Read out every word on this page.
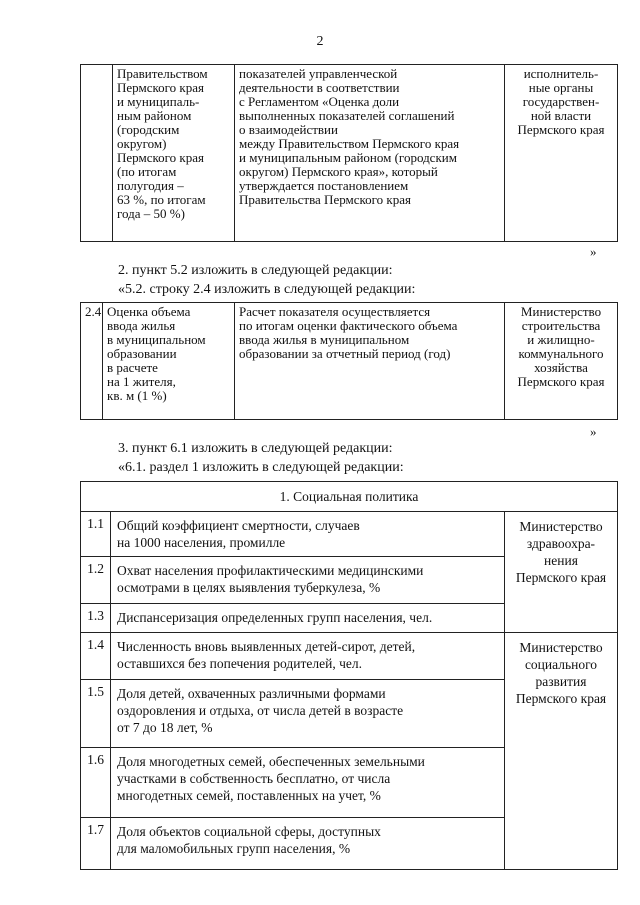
2
	Правительством
Пермского края
и муниципаль-
ным районом
(городским
округом)
Пермского края
(по итогам
полугодия –
63 %, по итогам
года – 50 %)	показателей управленческой
деятельности в соответствии
с Регламентом «Оценка доли
выполненных показателей соглашений
о взаимодействии
между Правительством Пермского края
и муниципальным районом (городским
округом) Пермского края», который
утверждается постановлением
Правительства Пермского края	исполнитель-
ные органы
государствен-
ной власти
Пермского края
»
2. пункт 5.2 изложить в следующей редакции:
«5.2. строку 2.4 изложить в следующей редакции:
2.4	Оценка объема
ввода жилья
в муниципальном
образовании
в расчете
на 1 жителя,
кв. м (1 %)	Расчет показателя осуществляется
по итогам оценки фактического объема
ввода жилья в муниципальном
образовании за отчетный период (год)	Министерство
строительства
и жилищно-
коммунального
хозяйства
Пермского края
»
3. пункт 6.1 изложить в следующей редакции:
«6.1. раздел 1 изложить в следующей редакции:
1. Социальная политика		
1.1	Общий коэффициент смертности, случаев
на 1000 населения, промилле	Министерство
здравоохра-
нения
Пермского края
1.2	Охват населения профилактическими медицинскими
осмотрами в целях выявления туберкулеза, %	
1.3	Диспансеризация определенных групп населения, чел.	
1.4	Численность вновь выявленных детей-сирот, детей,
оставшихся без попечения родителей, чел.	Министерство
социального
развития
Пермского края
1.5	Доля детей, охваченных различными формами
оздоровления и отдыха, от числа детей в возрасте
от 7 до 18 лет, %	
1.6	Доля многодетных семей, обеспеченных земельными
участками в собственность бесплатно, от числа
многодетных семей, поставленных на учет, %	
1.7	Доля объектов социальной сферы, доступных
для маломобильных групп населения, %	
